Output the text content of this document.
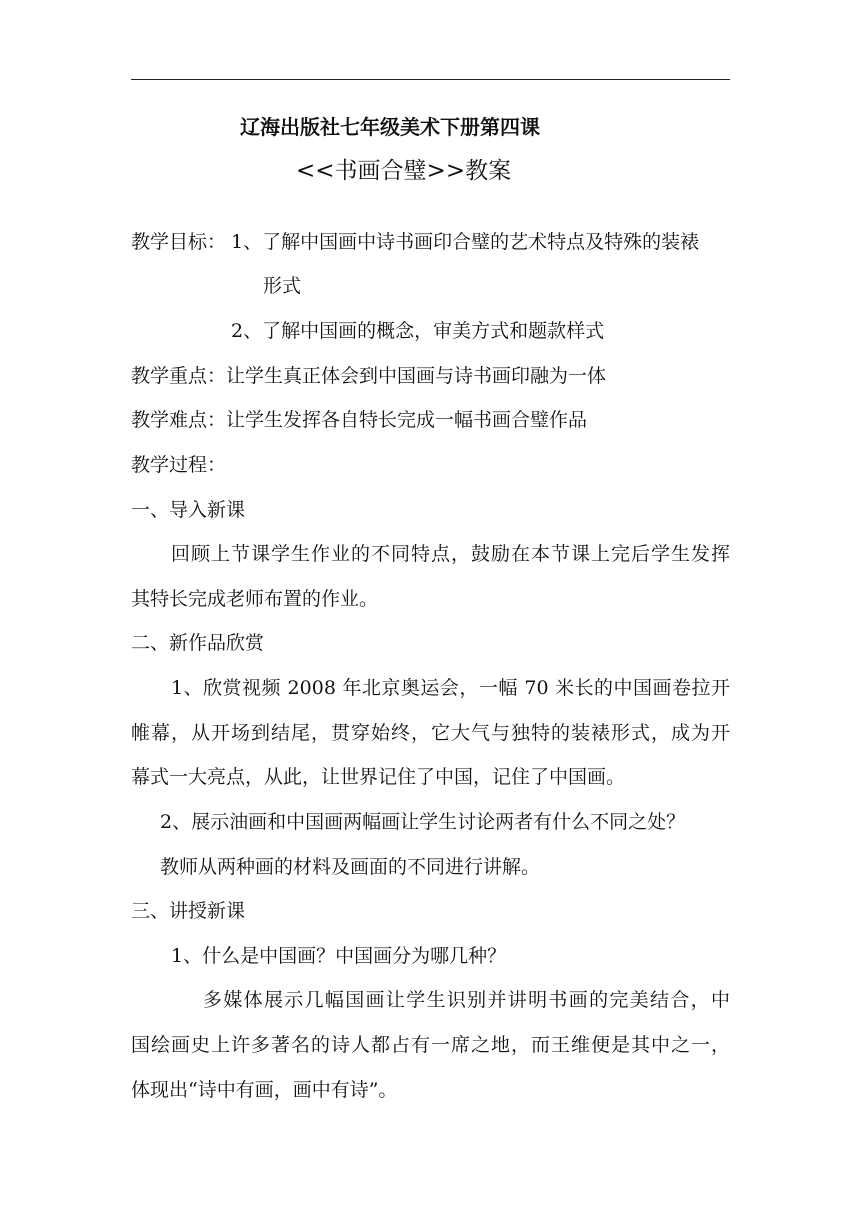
辽海出版社七年级美术下册第四课
<<书画合璧>>教案
教学目标： 1、了解中国画中诗书画印合璧的艺术特点及特殊的装裱
形式
2、了解中国画的概念，审美方式和题款样式
教学重点：让学生真正体会到中国画与诗书画印融为一体
教学难点：让学生发挥各自特长完成一幅书画合璧作品
教学过程：
一、导入新课
回顾上节课学生作业的不同特点，鼓励在本节课上完后学生发挥
其特长完成老师布置的作业。
二、新作品欣赏
1、欣赏视频 2008 年北京奥运会，一幅 70 米长的中国画卷拉开
帷幕，从开场到结尾，贯穿始终，它大气与独特的装裱形式，成为开
幕式一大亮点，从此，让世界记住了中国，记住了中国画。
2、展示油画和中国画两幅画让学生讨论两者有什么不同之处？
教师从两种画的材料及画面的不同进行讲解。
三、讲授新课
1、什么是中国画？中国画分为哪几种？
多媒体展示几幅国画让学生识别并讲明书画的完美结合，中
国绘画史上许多著名的诗人都占有一席之地，而王维便是其中之一，
体现出“诗中有画，画中有诗”。
